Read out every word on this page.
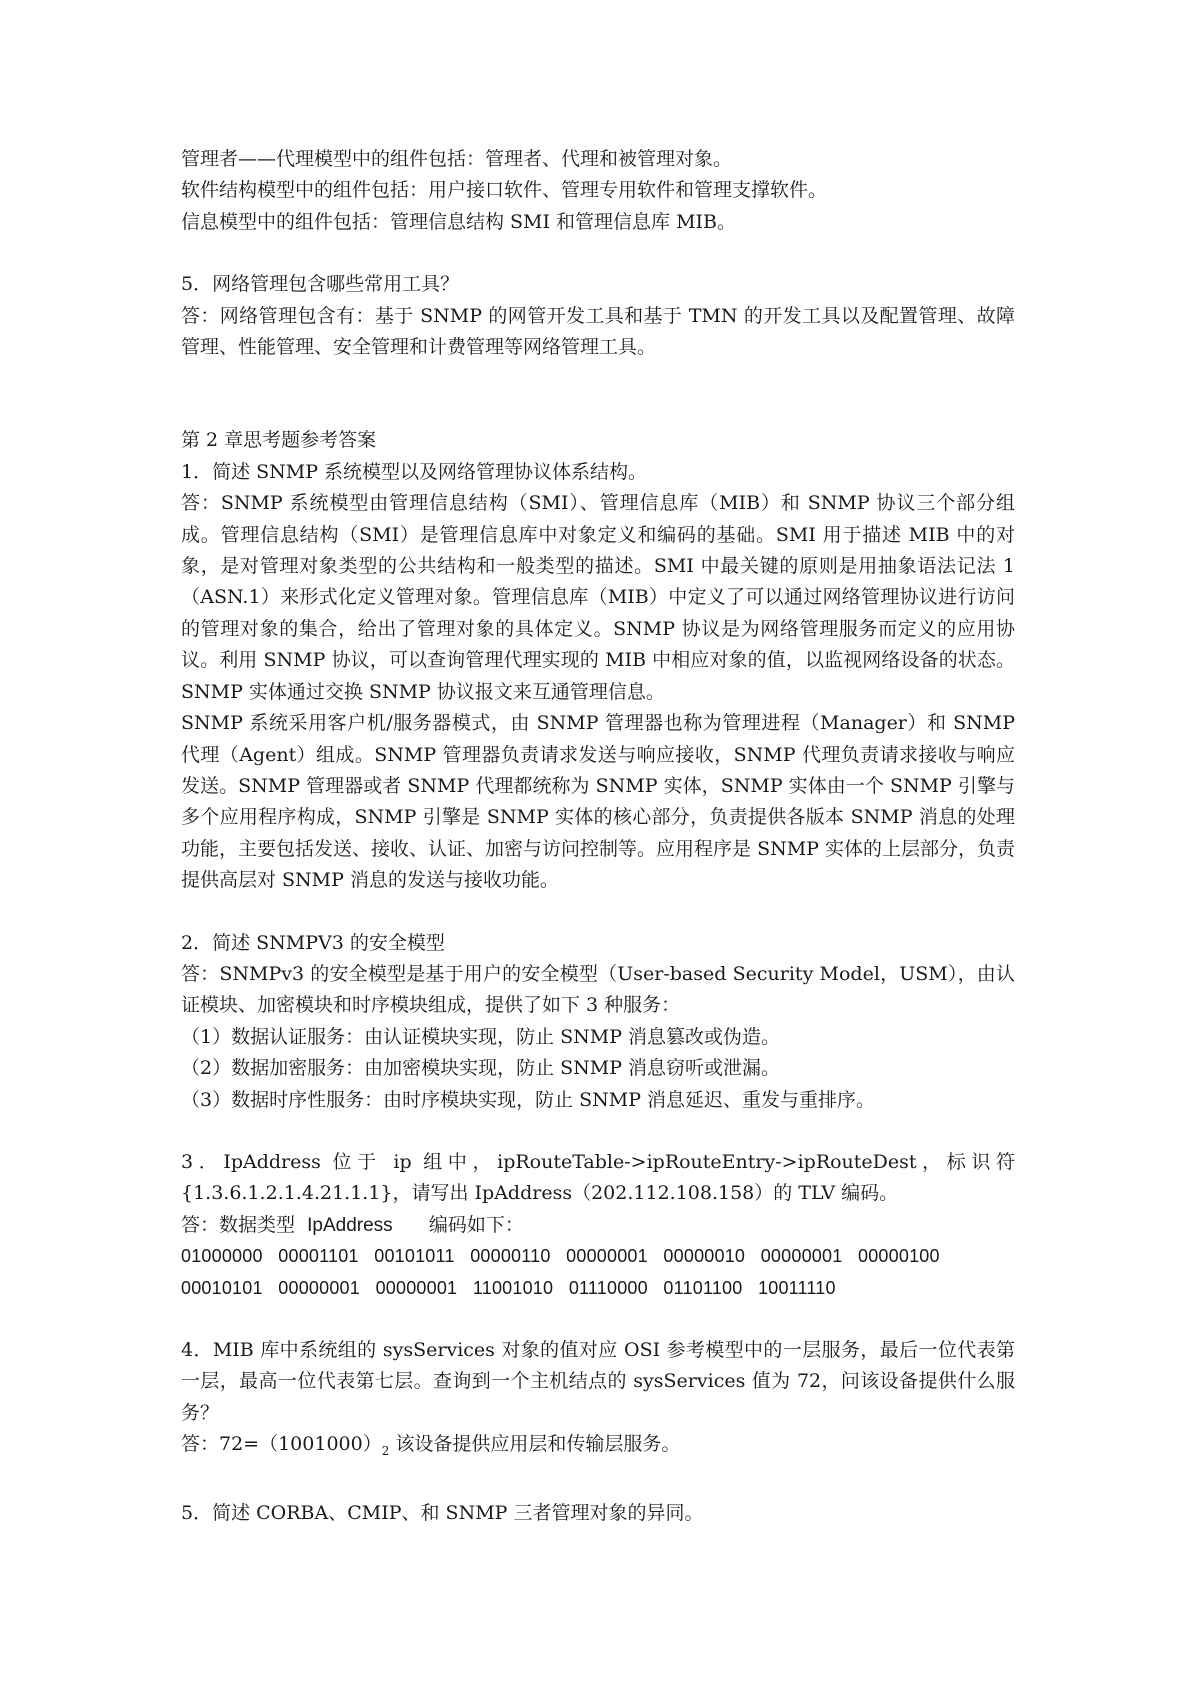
管理者——代理模型中的组件包括：管理者、代理和被管理对象。

软件结构模型中的组件包括：用户接口软件、管理专用软件和管理支撑软件。

信息模型中的组件包括：管理信息结构 SMI 和管理信息库 MIB。

5．网络管理包含哪些常用工具？

答：网络管理包含有：基于 SNMP 的网管开发工具和基于 TMN 的开发工具以及配置管理、故障管理、性能管理、安全管理和计费管理等网络管理工具。

第 2 章思考题参考答案

1．简述 SNMP 系统模型以及网络管理协议体系结构。

答：SNMP 系统模型由管理信息结构（SMI）、管理信息库（MIB）和 SNMP 协议三个部分组成。管理信息结构（SMI）是管理信息库中对象定义和编码的基础。SMI 用于描述 MIB 中的对象，是对管理对象类型的公共结构和一般类型的描述。SMI 中最关键的原则是用抽象语法记法 1（ASN.1）来形式化定义管理对象。管理信息库（MIB）中定义了可以通过网络管理协议进行访问的管理对象的集合，给出了管理对象的具体定义。SNMP 协议是为网络管理服务而定义的应用协议。利用 SNMP 协议，可以查询管理代理实现的 MIB 中相应对象的值，以监视网络设备的状态。SNMP 实体通过交换 SNMP 协议报文来互通管理信息。

SNMP 系统采用客户机/服务器模式，由 SNMP 管理器也称为管理进程（Manager）和 SNMP 代理（Agent）组成。SNMP 管理器负责请求发送与响应接收，SNMP 代理负责请求接收与响应发送。SNMP 管理器或者 SNMP 代理都统称为 SNMP 实体，SNMP 实体由一个 SNMP 引擎与多个应用程序构成，SNMP 引擎是 SNMP 实体的核心部分，负责提供各版本 SNMP 消息的处理功能，主要包括发送、接收、认证、加密与访问控制等。应用程序是 SNMP 实体的上层部分，负责提供高层对 SNMP 消息的发送与接收功能。

2．简述 SNMPV3 的安全模型

答：SNMPv3 的安全模型是基于用户的安全模型（User-based Security Model，USM），由认证模块、加密模块和时序模块组成，提供了如下 3 种服务：

（1）数据认证服务：由认证模块实现，防止 SNMP 消息篡改或伪造。

（2）数据加密服务：由加密模块实现，防止 SNMP 消息窃听或泄漏。

（3）数据时序性服务：由时序模块实现，防止 SNMP 消息延迟、重发与重排序。

3．IpAddress 位于 ip 组中，ipRouteTable->ipRouteEntry->ipRouteDest，标识符

{1.3.6.1.2.1.4.21.1.1}，请写出 IpAddress（202.112.108.158）的 TLV 编码。

答：数据类型 IpAddress 编码如下：

01000000   00001101   00101011   00000110   00000001   00000010   00000001   00000100

00010101   00000001   00000001   11001010   01110000   01101100   10011110

4．MIB 库中系统组的 sysServices 对象的值对应 OSI 参考模型中的一层服务，最后一位代表第一层，最高一位代表第七层。查询到一个主机结点的 sysServices 值为 72，问该设备提供什么服务？

答：$72=(1001000)_2$ 该设备提供应用层和传输层服务。

5．简述 CORBA、CMIP、和 SNMP 三者管理对象的异同。
